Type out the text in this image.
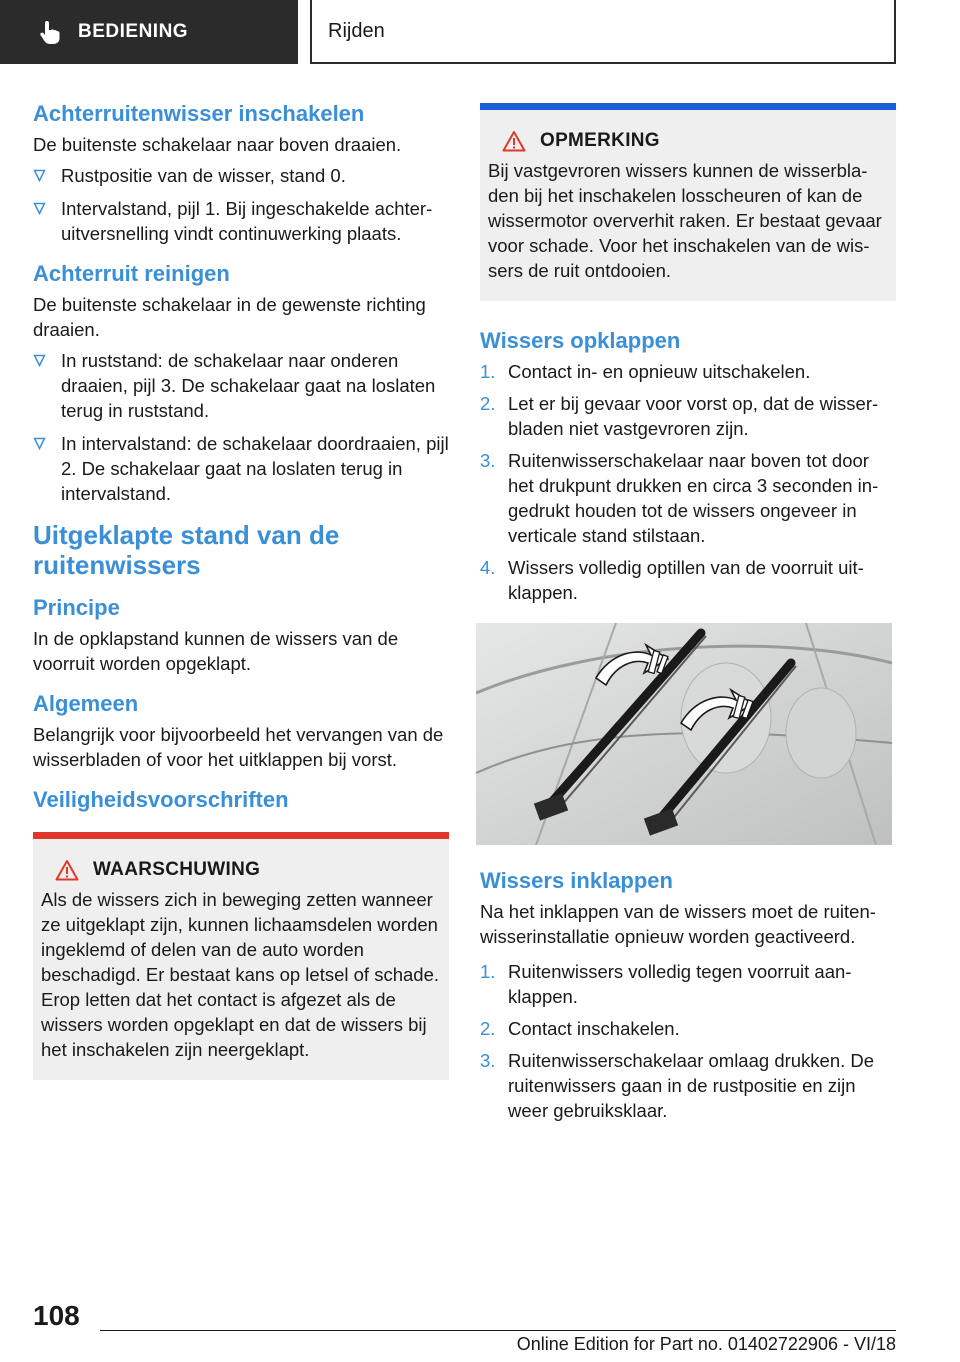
BEDIENING	Rijden
Achterruitenwisser inschakelen

De buitenste schakelaar naar boven draaien.

Rustpositie van de wisser, stand 0.
Intervalstand, pijl 1. Bij ingeschakelde achteruitversnelling vindt continuwerking plaats.
Achterruit reinigen

De buitenste schakelaar in de gewenste richting draaien.

In ruststand: de schakelaar naar onderen draaien, pijl 3. De schakelaar gaat na loslaten terug in ruststand.
In intervalstand: de schakelaar doordraaien, pijl 2. De schakelaar gaat na loslaten terug in intervalstand.
Uitgeklapte stand van de ruitenwissers
Principe

In de opklapstand kunnen de wissers van de voorruit worden opgeklapt.

Algemeen

Belangrijk voor bijvoorbeeld het vervangen van de wisserbladen of voor het uitklappen bij vorst.

Veiligheidsvoorschriften
WAARSCHUWING

Als de wissers zich in beweging zetten wanneer ze uitgeklapt zijn, kunnen lichaamsdelen worden ingeklemd of delen van de auto worden beschadigd. Er bestaat kans op letsel of schade. Erop letten dat het contact is afgezet als de wissers worden opgeklapt en dat de wissers bij het inschakelen zijn neergeklapt.

OPMERKING

Bij vastgevroren wissers kunnen de wisserbladen bij het inschakelen losscheuren of kan de wissermotor oververhit raken. Er bestaat gevaar voor schade. Voor het inschakelen van de wissers de ruit ontdooien.

Wissers opklappen
1. Contact in- en opnieuw uitschakelen.
2. Let er bij gevaar voor vorst op, dat de wisserbladen niet vastgevroren zijn.
3. Ruitenwisserschakelaar naar boven tot door het drukpunt drukken en circa 3 seconden ingedrukt houden tot de wissers ongeveer in verticale stand stilstaan.
4. Wissers volledig optillen van de voorruit uitklappen.
Wissers inklappen

Na het inklappen van de wissers moet de ruitenwisserinstallatie opnieuw worden geactiveerd.

1. Ruitenwissers volledig tegen voorruit aanklappen.
2. Contact inschakelen.
3. Ruitenwisserschakelaar omlaag drukken. De ruitenwissers gaan in de rustpositie en zijn weer gebruiksklaar.
108
Online Edition for Part no. 01402722906 - VI/18
